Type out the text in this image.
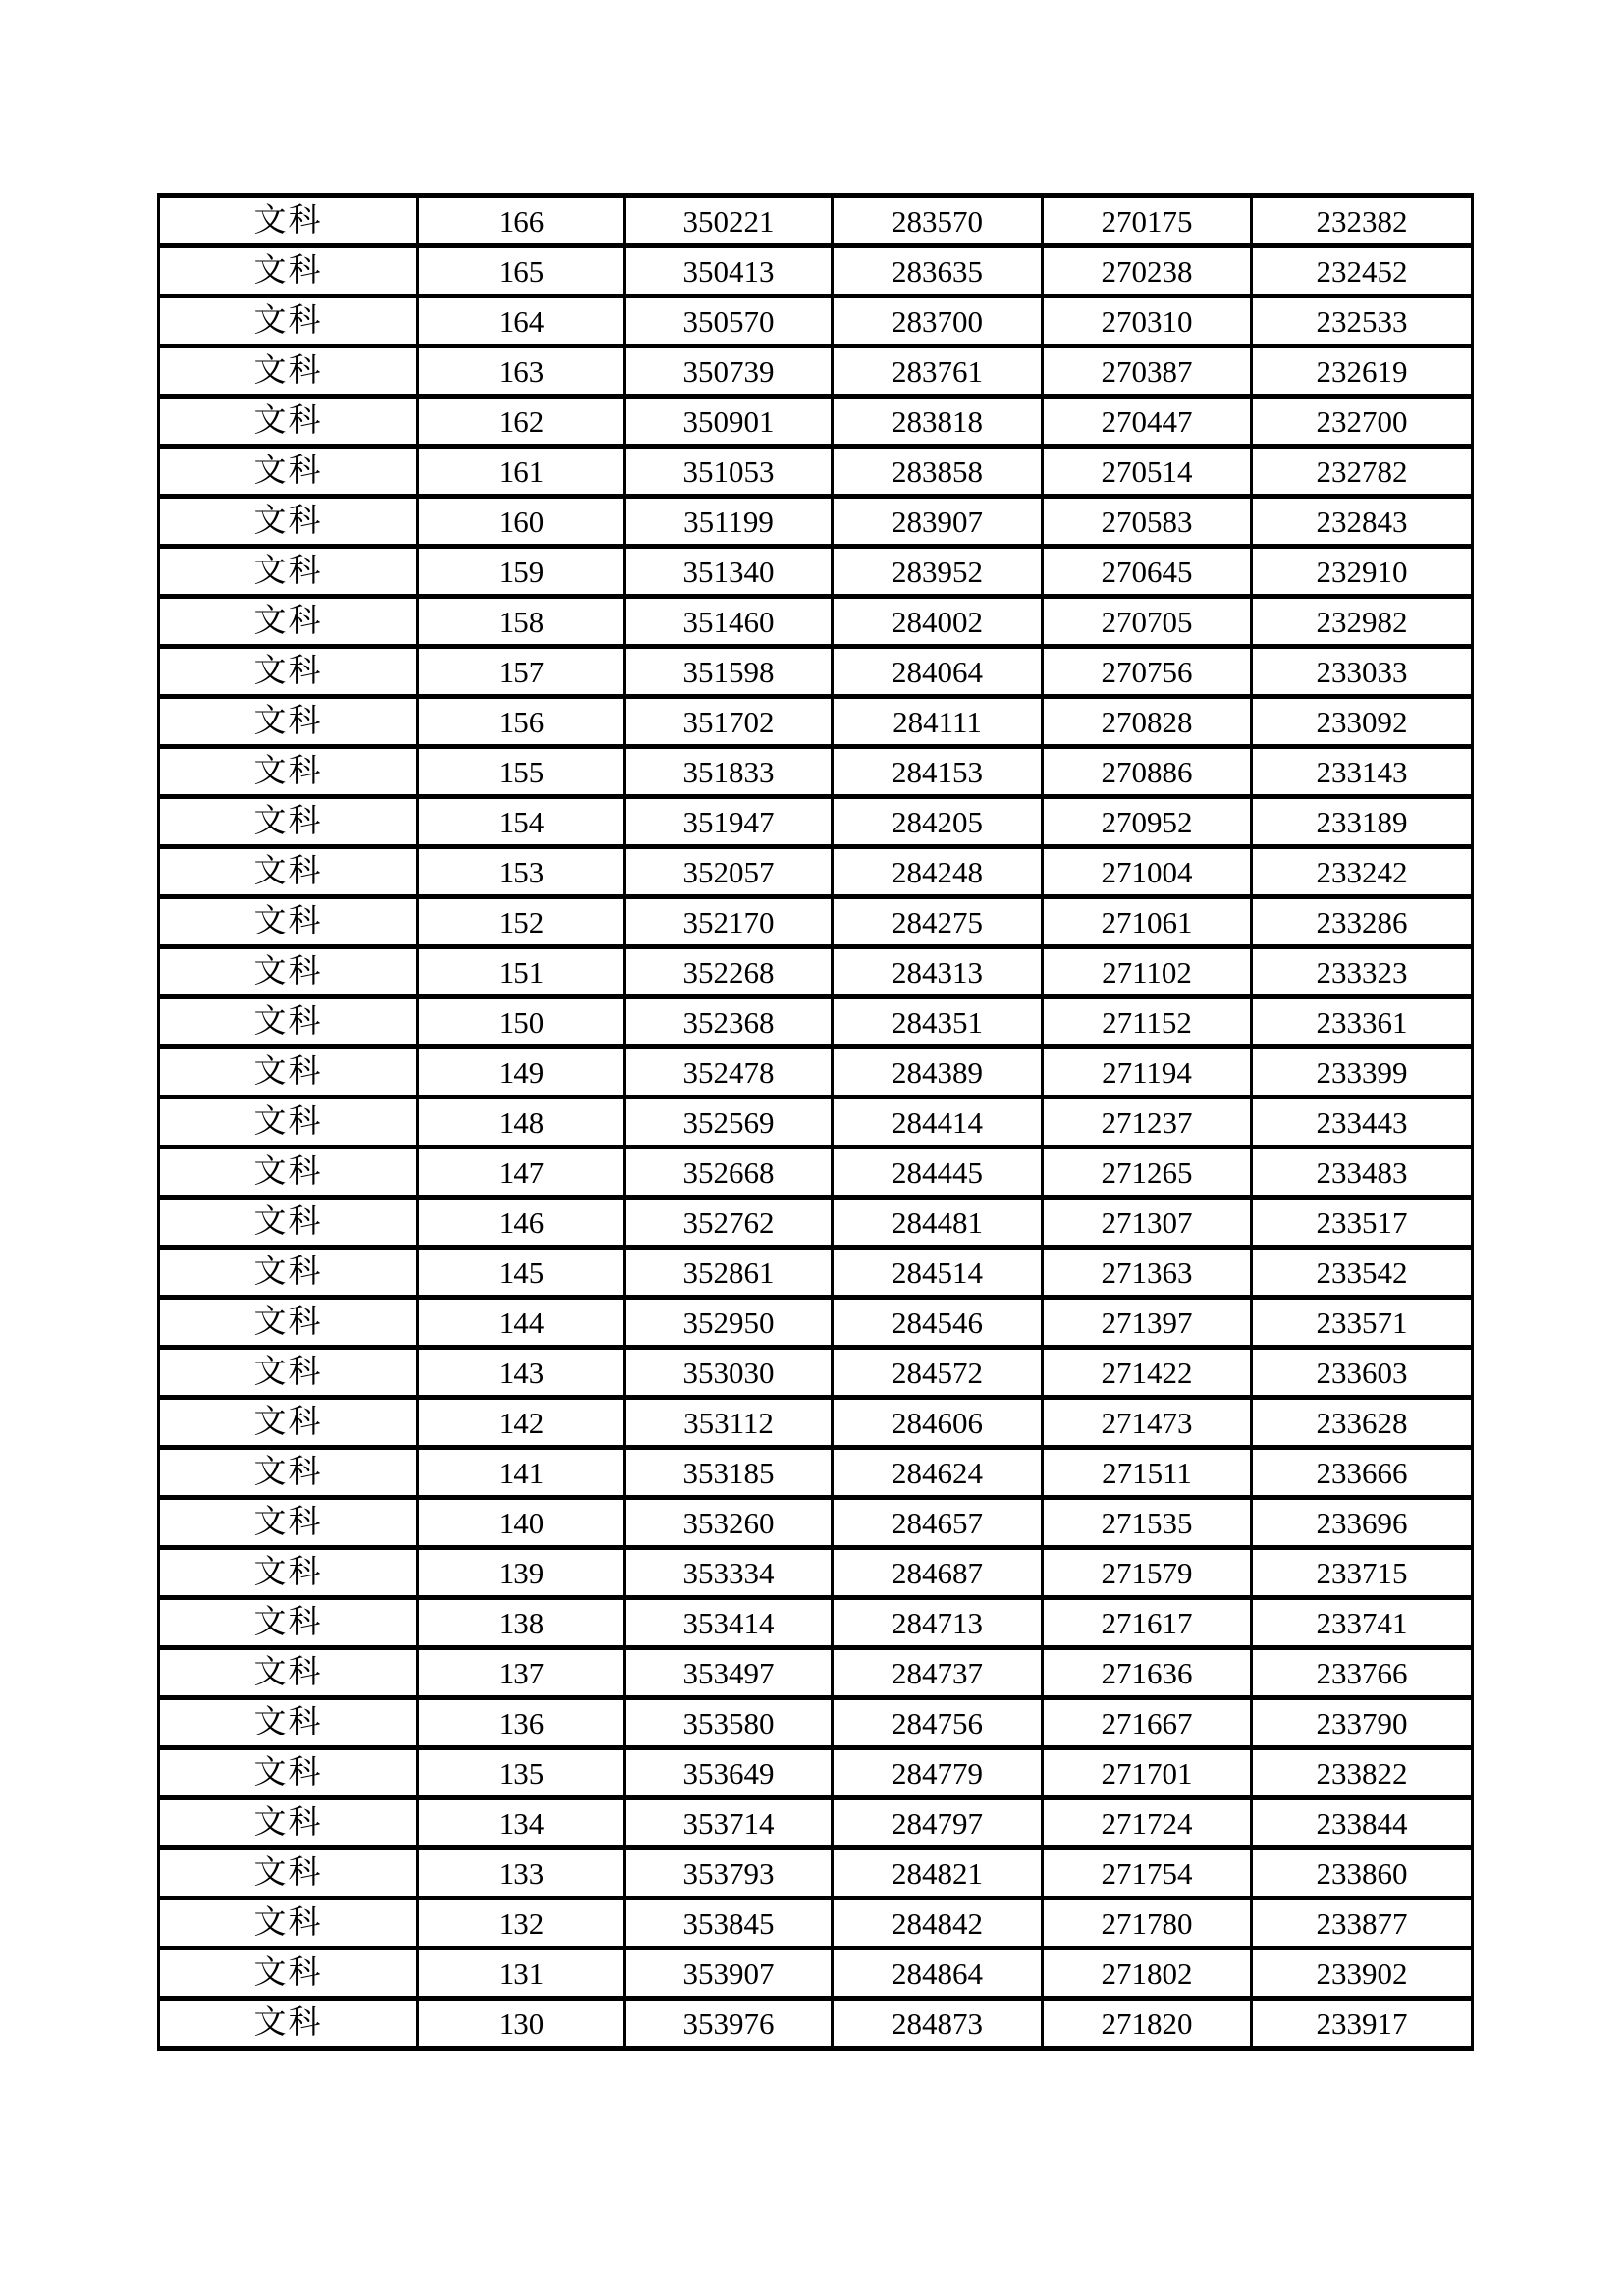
文科	166	350221	283570	270175	232382
文科	165	350413	283635	270238	232452
文科	164	350570	283700	270310	232533
文科	163	350739	283761	270387	232619
文科	162	350901	283818	270447	232700
文科	161	351053	283858	270514	232782
文科	160	351199	283907	270583	232843
文科	159	351340	283952	270645	232910
文科	158	351460	284002	270705	232982
文科	157	351598	284064	270756	233033
文科	156	351702	284111	270828	233092
文科	155	351833	284153	270886	233143
文科	154	351947	284205	270952	233189
文科	153	352057	284248	271004	233242
文科	152	352170	284275	271061	233286
文科	151	352268	284313	271102	233323
文科	150	352368	284351	271152	233361
文科	149	352478	284389	271194	233399
文科	148	352569	284414	271237	233443
文科	147	352668	284445	271265	233483
文科	146	352762	284481	271307	233517
文科	145	352861	284514	271363	233542
文科	144	352950	284546	271397	233571
文科	143	353030	284572	271422	233603
文科	142	353112	284606	271473	233628
文科	141	353185	284624	271511	233666
文科	140	353260	284657	271535	233696
文科	139	353334	284687	271579	233715
文科	138	353414	284713	271617	233741
文科	137	353497	284737	271636	233766
文科	136	353580	284756	271667	233790
文科	135	353649	284779	271701	233822
文科	134	353714	284797	271724	233844
文科	133	353793	284821	271754	233860
文科	132	353845	284842	271780	233877
文科	131	353907	284864	271802	233902
文科	130	353976	284873	271820	233917
